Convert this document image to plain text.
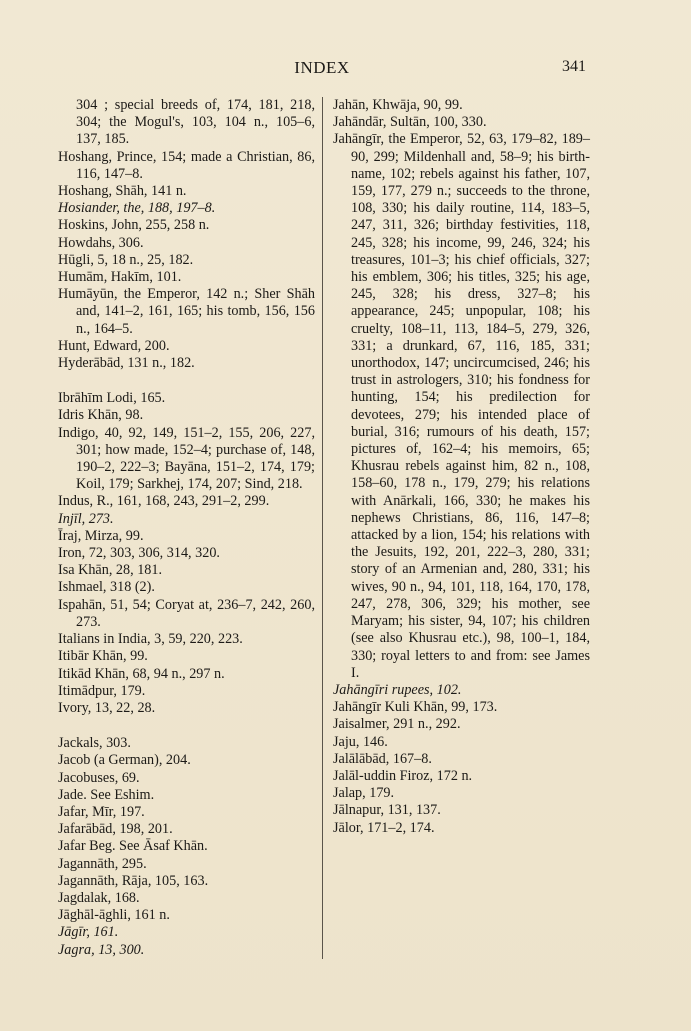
INDEX	341

304 ; special breeds of, 174, 181, 218, 304; the Mogul's, 103, 104 n., 105–6, 137, 185.

Hoshang, Prince, 154; made a Christian, 86, 116, 147–8.

Hoshang, Shāh, 141 n.

Hosiander, the, 188, 197–8.

Hoskins, John, 255, 258 n.

Howdahs, 306.

Hūgli, 5, 18 n., 25, 182.

Humām, Hakīm, 101.

Humāyūn, the Emperor, 142 n.; Sher Shāh and, 141–2, 161, 165; his tomb, 156, 156 n., 164–5.

Hunt, Edward, 200.

Hyderābād, 131 n., 182.

Ibrāhīm Lodi, 165.

Idris Khān, 98.

Indigo, 40, 92, 149, 151–2, 155, 206, 227, 301; how made, 152–4; purchase of, 148, 190–2, 222–3; Bayāna, 151–2, 174, 179; Koil, 179; Sarkhej, 174, 207; Sind, 218.

Indus, R., 161, 168, 243, 291–2, 299.

Injīl, 273.

Īraj, Mirza, 99.

Iron, 72, 303, 306, 314, 320.

Isa Khān, 28, 181.

Ishmael, 318 (2).

Ispahān, 51, 54; Coryat at, 236–7, 242, 260, 273.

Italians in India, 3, 59, 220, 223.

Itibār Khān, 99.

Itikād Khān, 68, 94 n., 297 n.

Itimādpur, 179.

Ivory, 13, 22, 28.

Jackals, 303.

Jacob (a German), 204.

Jacobuses, 69.

Jade. See Eshim.

Jafar, Mīr, 197.

Jafarābād, 198, 201.

Jafar Beg. See Āsaf Khān.

Jagannāth, 295.

Jagannāth, Rāja, 105, 163.

Jagdalak, 168.

Jāghāl-āghli, 161 n.

Jāgīr, 161.

Jagra, 13, 300.

Jahān, Khwāja, 90, 99.

Jahāndār, Sultān, 100, 330.

Jahāngīr, the Emperor, 52, 63, 179–82, 189–90, 299; Mildenhall and, 58–9; his birth-name, 102; rebels against his father, 107, 159, 177, 279 n.; succeeds to the throne, 108, 330; his daily routine, 114, 183–5, 247, 311, 326; birthday festivities, 118, 245, 328; his income, 99, 246, 324; his treasures, 101–3; his chief officials, 327; his emblem, 306; his titles, 325; his age, 245, 328; his dress, 327–8; his appearance, 245; unpopular, 108; his cruelty, 108–11, 113, 184–5, 279, 326, 331; a drunkard, 67, 116, 185, 331; unorthodox, 147; uncircumcised, 246; his trust in astrologers, 310; his fondness for hunting, 154; his predilection for devotees, 279; his intended place of burial, 316; rumours of his death, 157; pictures of, 162–4; his memoirs, 65; Khusrau rebels against him, 82 n., 108, 158–60, 178 n., 179, 279; his relations with Anārkali, 166, 330; he makes his nephews Christians, 86, 116, 147–8; attacked by a lion, 154; his relations with the Jesuits, 192, 201, 222–3, 280, 331; story of an Armenian and, 280, 331; his wives, 90 n., 94, 101, 118, 164, 170, 178, 247, 278, 306, 329; his mother, see Maryam; his sister, 94, 107; his children (see also Khusrau etc.), 98, 100–1, 184, 330; royal letters to and from: see James I.

Jahāngīri rupees, 102.

Jahāngīr Kuli Khān, 99, 173.

Jaisalmer, 291 n., 292.

Jaju, 146.

Jalālābād, 167–8.

Jalāl-uddin Firoz, 172 n.

Jalap, 179.

Jālnapur, 131, 137.

Jālor, 171–2, 174.
